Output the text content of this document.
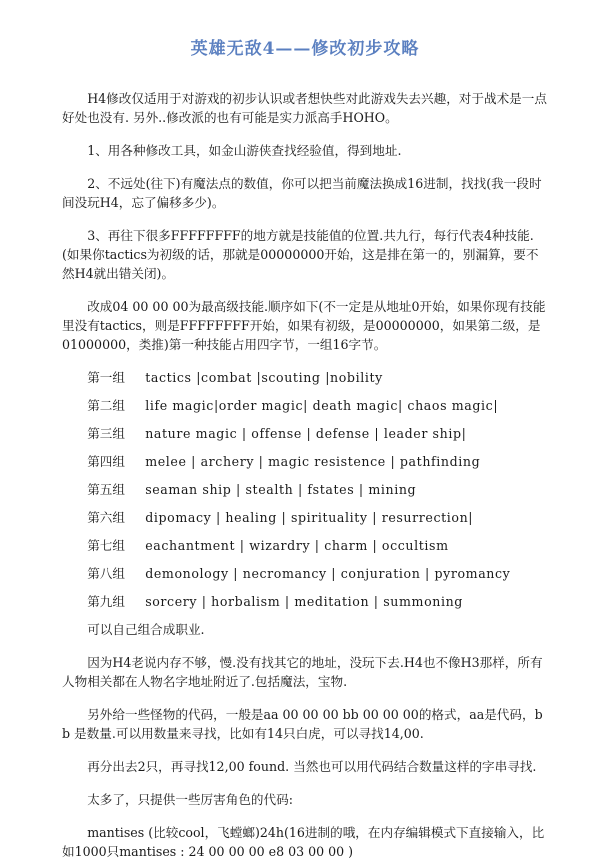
英雄无敌4——修改初步攻略

H4修改仅适用于对游戏的初步认识或者想快些对此游戏失去兴趣，对于战术是一点好处也没有. 另外..修改派的也有可能是实力派高手HOHO。

1、用各种修改工具，如金山游侠查找经验值，得到地址.

2、不远处(往下)有魔法点的数值，你可以把当前魔法换成16进制，找找(我一段时间没玩H4，忘了偏移多少)。

3、再往下很多FFFFFFFF的地方就是技能值的位置.共九行，每行代表4种技能.(如果你tactics为初级的话，那就是00000000开始，这是排在第一的，别漏算，要不然H4就出错关闭)。

改成04 00 00 00为最高级技能.顺序如下(不一定是从地址0开始，如果你现有技能里没有tactics，则是FFFFFFFF开始，如果有初级，是00000000，如果第二级，是01000000，类推)第一种技能占用四字节，一组16字节。

第一组 tactics |combat |scouting |nobility
第二组 life magic|order magic| death magic| chaos magic|
第三组 nature magic | offense | defense | leader ship|
第四组 melee | archery | magic resistence | pathfinding
第五组 seaman ship | stealth | fstates | mining
第六组 dipomacy | healing | spirituality | resurrection|
第七组 eachantment | wizardry | charm | occultism
第八组 demonology | necromancy | conjuration | pyromancy
第九组 sorcery | horbalism | meditation | summoning

可以自己组合成职业.

因为H4老说内存不够，慢.没有找其它的地址，没玩下去.H4也不像H3那样，所有人物相关都在人物名字地址附近了.包括魔法，宝物.

另外给一些怪物的代码，一般是aa 00 00 00 bb 00 00 00的格式，aa是代码，bb 是数量.可以用数量来寻找，比如有14只白虎，可以寻找14,00.

再分出去2只，再寻找12,00 found. 当然也可以用代码结合数量这样的字串寻找.

太多了，只提供一些厉害角色的代码:

mantises (比较cool，飞螳螂)24h(16进制的哦，在内存编辑模式下直接输入，比如1000只mantises : 24 00 00 00 e8 03 00 00 )
